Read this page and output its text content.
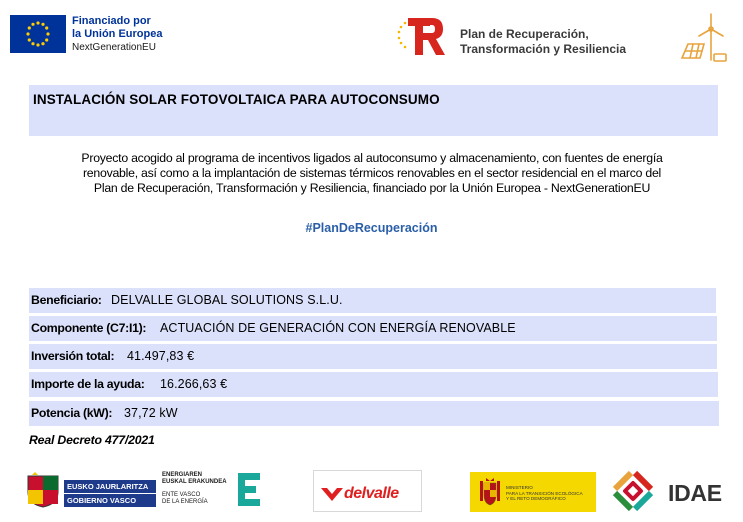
Financiado por
la Unión Europea
NextGenerationEU
Plan de Recuperación,
Transformación y Resiliencia
INSTALACIÓN SOLAR FOTOVOLTAICA PARA AUTOCONSUMO
Proyecto acogido al programa de incentivos ligados al autoconsumo y almacenamiento, con fuentes de energía
renovable, así como a la implantación de sistemas térmicos renovables en el sector residencial en el marco del
Plan de Recuperación, Transformación y Resiliencia, financiado por la Unión Europea - NextGenerationEU
#PlanDeRecuperación
Beneficiario: DELVALLE GLOBAL SOLUTIONS S.L.U.
Componente (C7:I1): ACTUACIÓN DE GENERACIÓN CON ENERGÍA RENOVABLE
Inversión total: 41.497,83 €
Importe de la ayuda: 16.266,63 €
Potencia (kW): 37,72 kW
Real Decreto 477/2021
EUSKO JAURLARITZA
GOBIERNO VASCO
ENERGIAREN
EUSKAL ERAKUNDEA
ENTE VASCO
DE LA ENERGÍA	delvalle	MINISTERIO
PARA LA TRANSICIÓN ECOLÓGICA
Y EL RETO DEMOGRÁFICO	IDAE
